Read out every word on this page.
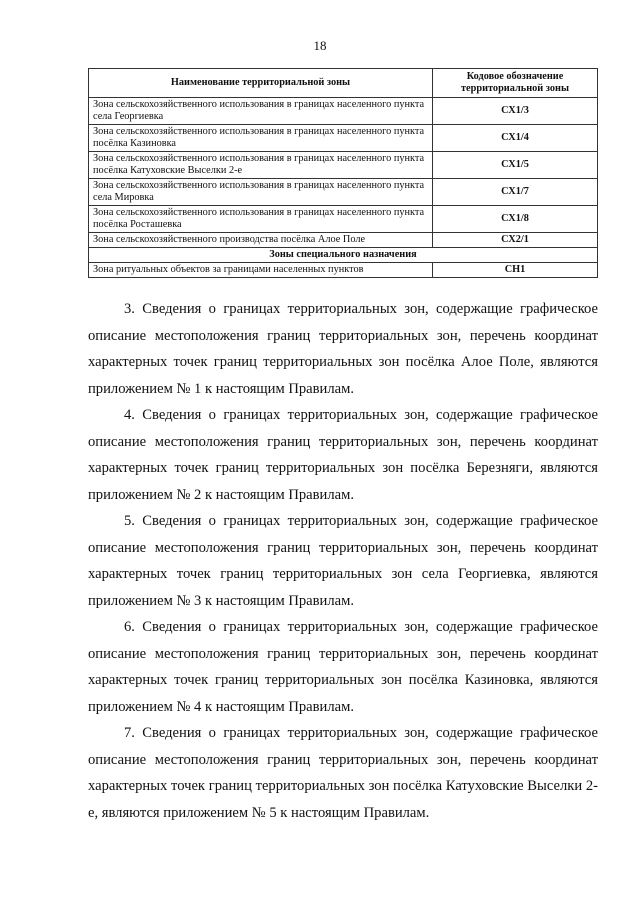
18
Наименование территориальной зоны	Кодовое обозначение территориальной зоны
Зона сельскохозяйственного использования в границах населенного пункта села Георгиевка	СХ1/3
Зона сельскохозяйственного использования в границах населенного пункта посёлка Казиновка	СХ1/4
Зона сельскохозяйственного использования в границах населенного пункта посёлка Катуховские Выселки 2-е	СХ1/5
Зона сельскохозяйственного использования в границах населенного пункта села Мировка	СХ1/7
Зона сельскохозяйственного использования в границах населенного пункта посёлка Росташевка	СХ1/8
Зона сельскохозяйственного производства посёлка Алое Поле	СХ2/1
Зоны специального назначения	
Зона ритуальных объектов за границами населенных пунктов	СН1

3. Сведения о границах территориальных зон, содержащие графическое описание местоположения границ территориальных зон, перечень координат характерных точек границ территориальных зон посёлка Алое Поле, являются приложением № 1 к настоящим Правилам.

4. Сведения о границах территориальных зон, содержащие графическое описание местоположения границ территориальных зон, перечень координат характерных точек границ территориальных зон посёлка Березняги, являются приложением № 2 к настоящим Правилам.

5. Сведения о границах территориальных зон, содержащие графическое описание местоположения границ территориальных зон, перечень координат характерных точек границ территориальных зон села Георгиевка, являются приложением № 3 к настоящим Правилам.

6. Сведения о границах территориальных зон, содержащие графическое описание местоположения границ территориальных зон, перечень координат характерных точек границ территориальных зон посёлка Казиновка, являются приложением № 4 к настоящим Правилам.

7. Сведения о границах территориальных зон, содержащие графическое описание местоположения границ территориальных зон, перечень координат характерных точек границ территориальных зон посёлка Катуховские Выселки 2-е, являются приложением № 5 к настоящим Правилам.
